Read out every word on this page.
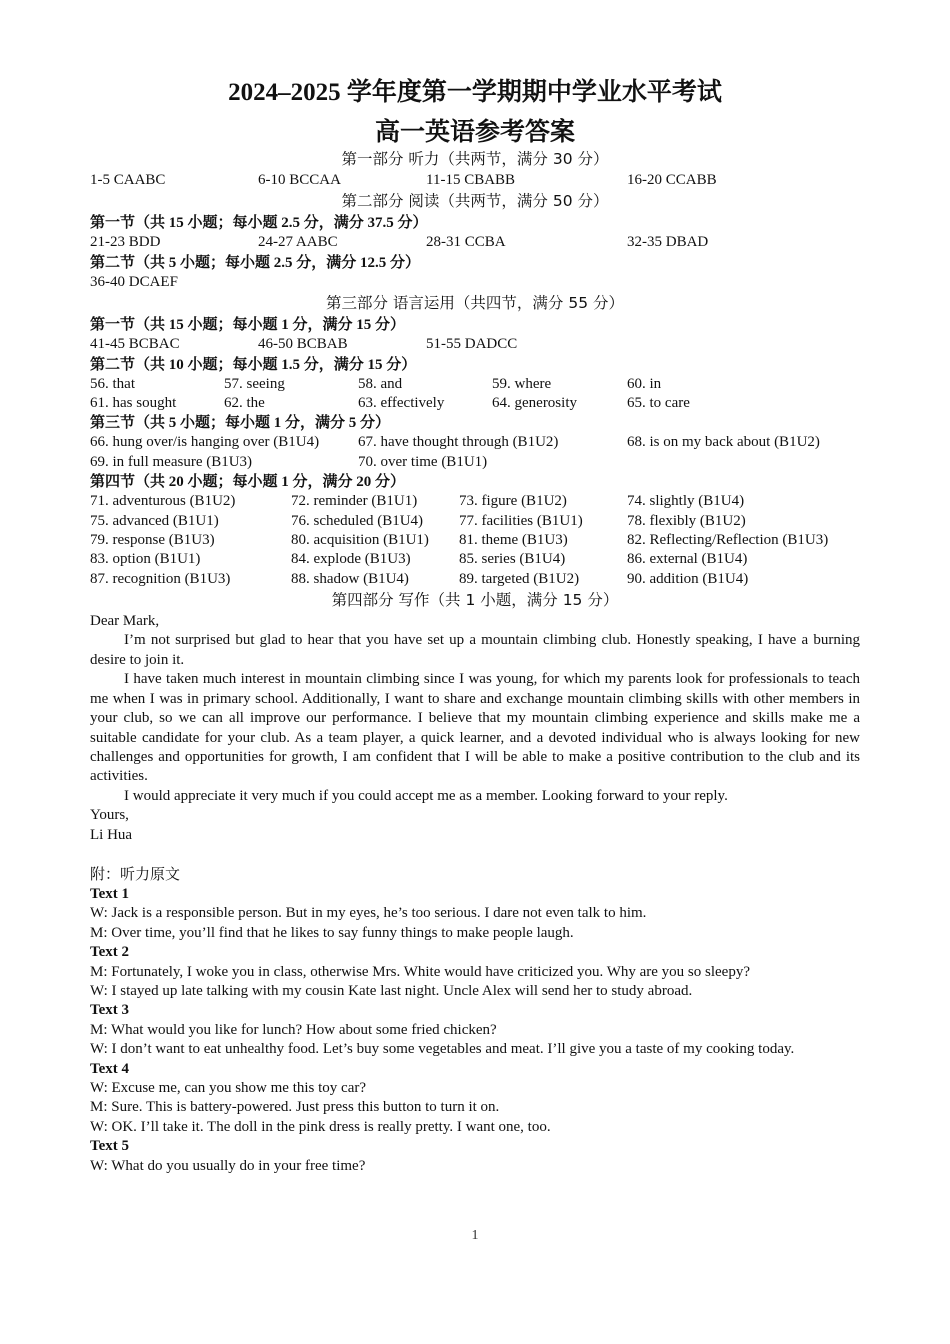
2024–2025 学年度第一学期期中学业水平考试
高一英语参考答案
第一部分 听力（共两节，满分 30 分）
1-5 CAABC	6-10 BCCAA	11-15 CBABB	16-20 CCABB
第二部分 阅读（共两节，满分 50 分）
第一节（共 15 小题；每小题 2.5 分，满分 37.5 分）
21-23 BDD	24-27 AABC	28-31 CCBA	32-35 DBAD
第二节（共 5 小题；每小题 2.5 分，满分 12.5 分）
36-40 DCAEF
第三部分 语言运用（共四节，满分 55 分）
第一节（共 15 小题；每小题 1 分，满分 15 分）
41-45 BCBAC	46-50 BCBAB	51-55 DADCC
第二节（共 10 小题；每小题 1.5 分，满分 15 分）
56. that	57. seeing	58. and	59. where	60. in
61. has sought	62. the	63. effectively	64. generosity	65. to care
第三节（共 5 小题；每小题 1 分，满分 5 分）
66. hung over/is hanging over (B1U4)	67. have thought through (B1U2)	68. is on my back about (B1U2)
69. in full measure (B1U3)	70. over time (B1U1)
第四节（共 20 小题；每小题 1 分，满分 20 分）
71. adventurous (B1U2)	72. reminder (B1U1)	73. figure (B1U2)	74. slightly (B1U4)
75. advanced (B1U1)	76. scheduled (B1U4)	77. facilities (B1U1)	78. flexibly (B1U2)
79. response (B1U3)	80. acquisition (B1U1)	81. theme (B1U3)	82. Reflecting/Reflection (B1U3)
83. option (B1U1)	84. explode (B1U3)	85. series (B1U4)	86. external (B1U4)
87. recognition (B1U3)	88. shadow (B1U4)	89. targeted (B1U2)	90. addition (B1U4)
第四部分 写作（共 1 小题，满分 15 分）

Dear Mark,

I’m not surprised but glad to hear that you have set up a mountain climbing club. Honestly speaking, I have a burning desire to join it.

I have taken much interest in mountain climbing since I was young, for which my parents look for professionals to teach me when I was in primary school. Additionally, I want to share and exchange mountain climbing skills with other members in your club, so we can all improve our performance. I believe that my mountain climbing experience and skills make me a suitable candidate for your club. As a team player, a quick learner, and a devoted individual who is always looking for new challenges and opportunities for growth, I am confident that I will be able to make a positive contribution to the club and its activities.

I would appreciate it very much if you could accept me as a member. Looking forward to your reply.

Yours,

Li Hua

附：听力原文
Text 1
W: Jack is a responsible person. But in my eyes, he’s too serious. I dare not even talk to him.
M: Over time, you’ll find that he likes to say funny things to make people laugh.
Text 2
M: Fortunately, I woke you in class, otherwise Mrs. White would have criticized you. Why are you so sleepy?
W: I stayed up late talking with my cousin Kate last night. Uncle Alex will send her to study abroad.
Text 3
M: What would you like for lunch? How about some fried chicken?
W: I don’t want to eat unhealthy food. Let’s buy some vegetables and meat. I’ll give you a taste of my cooking today.
Text 4
W: Excuse me, can you show me this toy car?
M: Sure. This is battery-powered. Just press this button to turn it on.
W: OK. I’ll take it. The doll in the pink dress is really pretty. I want one, too.
Text 5
W: What do you usually do in your free time?
1
